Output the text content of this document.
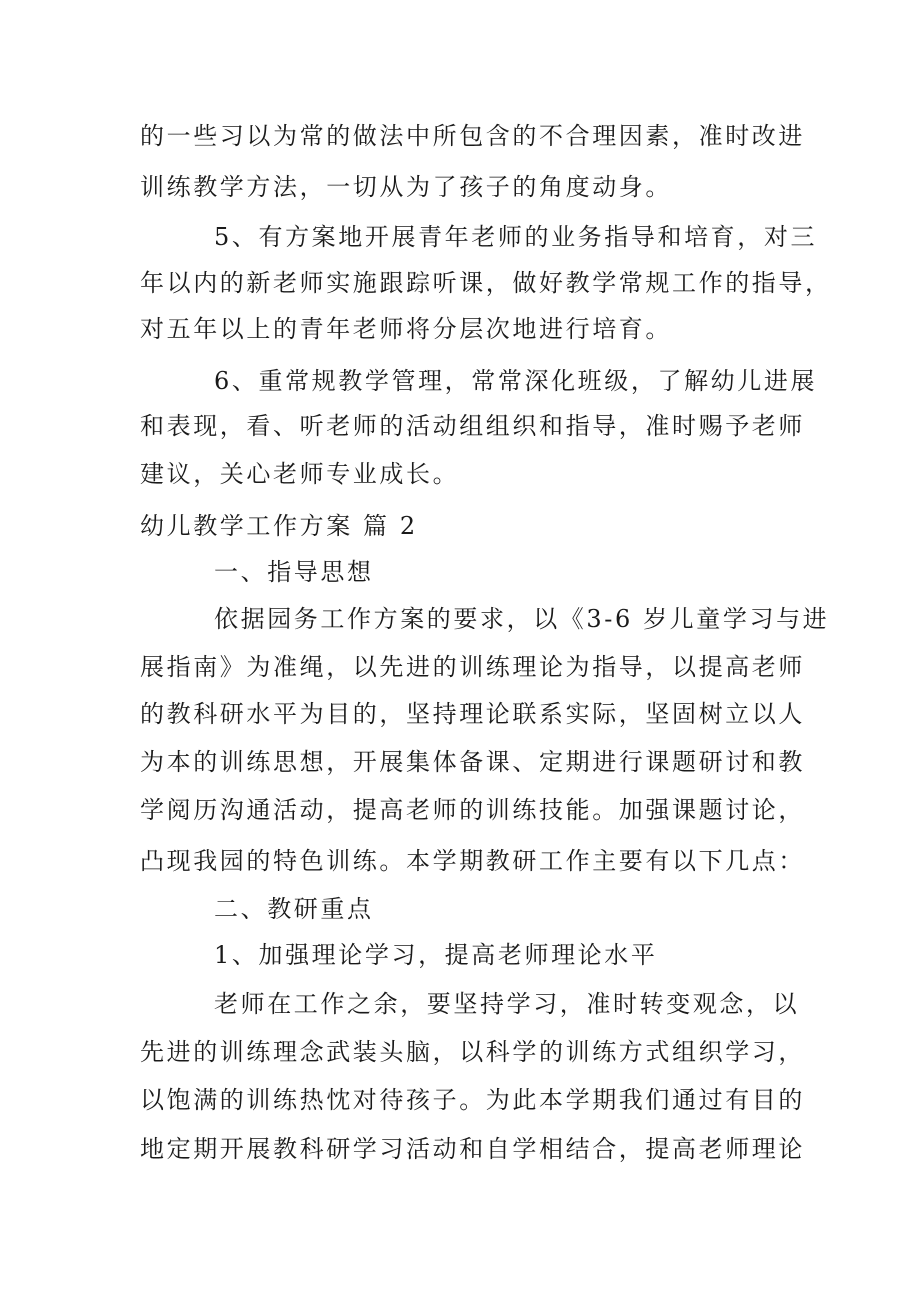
的一些习以为常的做法中所包含的不合理因素，准时改进
训练教学方法，一切从为了孩子的角度动身。
5、有方案地开展青年老师的业务指导和培育，对三
年以内的新老师实施跟踪听课，做好教学常规工作的指导，
对五年以上的青年老师将分层次地进行培育。
6、重常规教学管理，常常深化班级，了解幼儿进展
和表现，看、听老师的活动组组织和指导，准时赐予老师
建议，关心老师专业成长。
幼儿教学工作方案 篇 2
一、指导思想
依据园务工作方案的要求，以《3-6 岁儿童学习与进
展指南》为准绳，以先进的训练理论为指导，以提高老师
的教科研水平为目的，坚持理论联系实际，坚固树立以人
为本的训练思想，开展集体备课、定期进行课题研讨和教
学阅历沟通活动，提高老师的训练技能。加强课题讨论，
凸现我园的特色训练。本学期教研工作主要有以下几点：
二、教研重点
1、加强理论学习，提高老师理论水平
老师在工作之余，要坚持学习，准时转变观念，以
先进的训练理念武装头脑，以科学的训练方式组织学习，
以饱满的训练热忱对待孩子。为此本学期我们通过有目的
地定期开展教科研学习活动和自学相结合，提高老师理论
